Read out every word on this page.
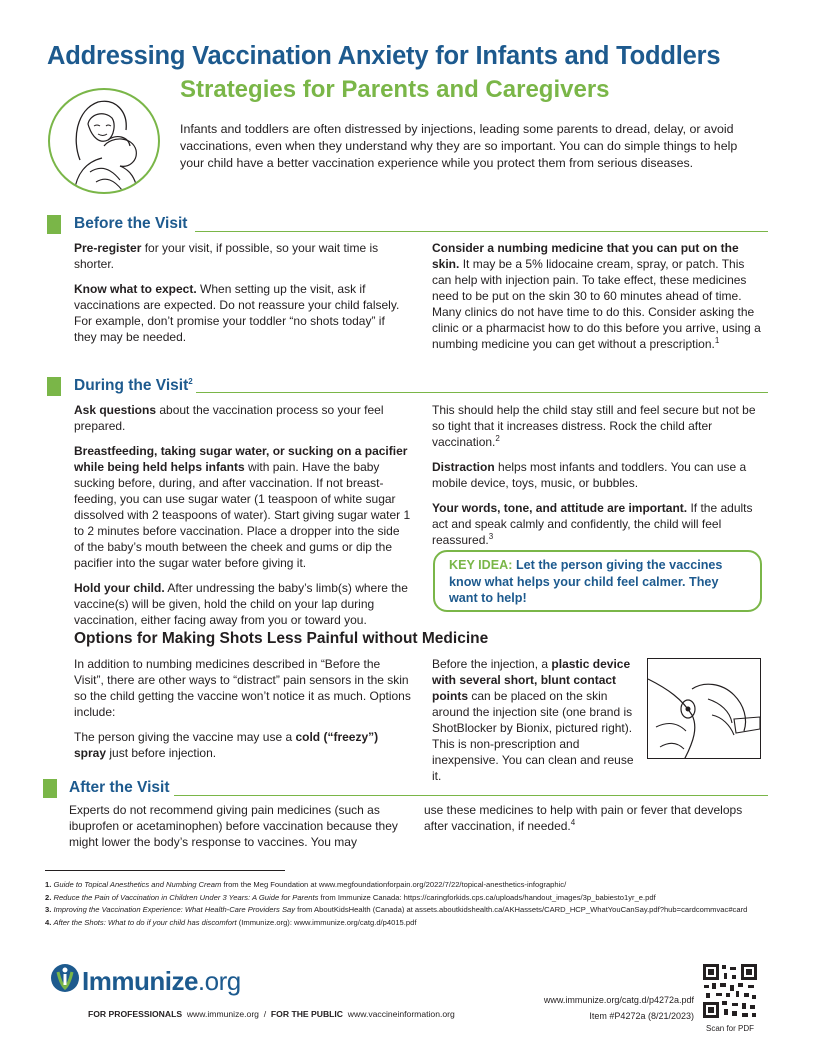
Addressing Vaccination Anxiety for Infants and Toddlers
Strategies for Parents and Caregivers
Infants and toddlers are often distressed by injections, leading some parents to dread, delay, or avoid vaccinations, even when they understand why they are so important. You can do simple things to help your child have a better vaccination experience while you protect them from serious diseases.
Before the Visit

Pre-register for your visit, if possible, so your wait time is shorter.

Know what to expect. When setting up the visit, ask if vaccinations are expected. Do not reassure your child falsely. For example, don’t promise your toddler “no shots today” if they may be needed.

Consider a numbing medicine that you can put on the skin. It may be a 5% lidocaine cream, spray, or patch. This can help with injection pain. To take effect, these medicines need to be put on the skin 30 to 60 minutes ahead of time. Many clinics do not have time to do this. Consider asking the clinic or a pharmacist how to do this before you arrive, using a numbing medicine you can get without a prescription.$^1$

During the Visit$^2$

Ask questions about the vaccination process so your feel prepared.

Breastfeeding, taking sugar water, or sucking on a pacifier while being held helps infants with pain. Have the baby sucking before, during, and after vaccination. If not breast-feeding, you can use sugar water (1 teaspoon of white sugar dissolved with 2 teaspoons of water). Start giving sugar water 1 to 2 minutes before vaccination. Place a dropper into the side of the baby’s mouth between the cheek and gums or dip the pacifier into the sugar water before giving it.

Hold your child. After undressing the baby’s limb(s) where the vaccine(s) will be given, hold the child on your lap during vaccination, either facing away from you or toward you.

This should help the child stay still and feel secure but not be so tight that it increases distress. Rock the child after vaccination.$^2$

Distraction helps most infants and toddlers. You can use a mobile device, toys, music, or bubbles.

Your words, tone, and attitude are important. If the adults act and speak calmly and confidently, the child will feel reassured.$^3$

KEY IDEA: Let the person giving the vaccines know what helps your child feel calmer. They want to help!
Options for Making Shots Less Painful without Medicine

In addition to numbing medicines described in “Before the Visit”, there are other ways to “distract” pain sensors in the skin so the child getting the vaccine won’t notice it as much. Options include:

The person giving the vaccine may use a cold (“freezy”) spray just before injection.

Before the injection, a plastic device with several short, blunt contact points can be placed on the skin around the injection site (one brand is ShotBlocker by Bionix, pictured right). This is non-prescription and inexpensive. You can clean and reuse it.

After the Visit

Experts do not recommend giving pain medicines (such as ibuprofen or acetaminophen) before vaccination because they might lower the body’s response to vaccines. You may

use these medicines to help with pain or fever that develops after vaccination, if needed.$^4$

1. Guide to Topical Anesthetics and Numbing Cream from the Meg Foundation at www.megfoundationforpain.org/2022/7/22/topical-anesthetics-infographic/
2. Reduce the Pain of Vaccination in Children Under 3 Years: A Guide for Parents from Immunize Canada: https://caringforkids.cps.ca/uploads/handout_images/3p_babiesto1yr_e.pdf
3. Improving the Vaccination Experience: What Health-Care Providers Say from AboutKidsHealth (Canada) at assets.aboutkidshealth.ca/AKHassets/CARD_HCP_WhatYouCanSay.pdf?hub=cardcommvac#card
4. After the Shots: What to do if your child has discomfort (Immunize.org): www.immunize.org/catg.d/p4015.pdf
Immunize.org
FOR PROFESSIONALS www.immunize.org / FOR THE PUBLIC www.vaccineinformation.org
www.immunize.org/catg.d/p4272a.pdf
Item #P4272a (8/21/2023)
Scan for PDF
